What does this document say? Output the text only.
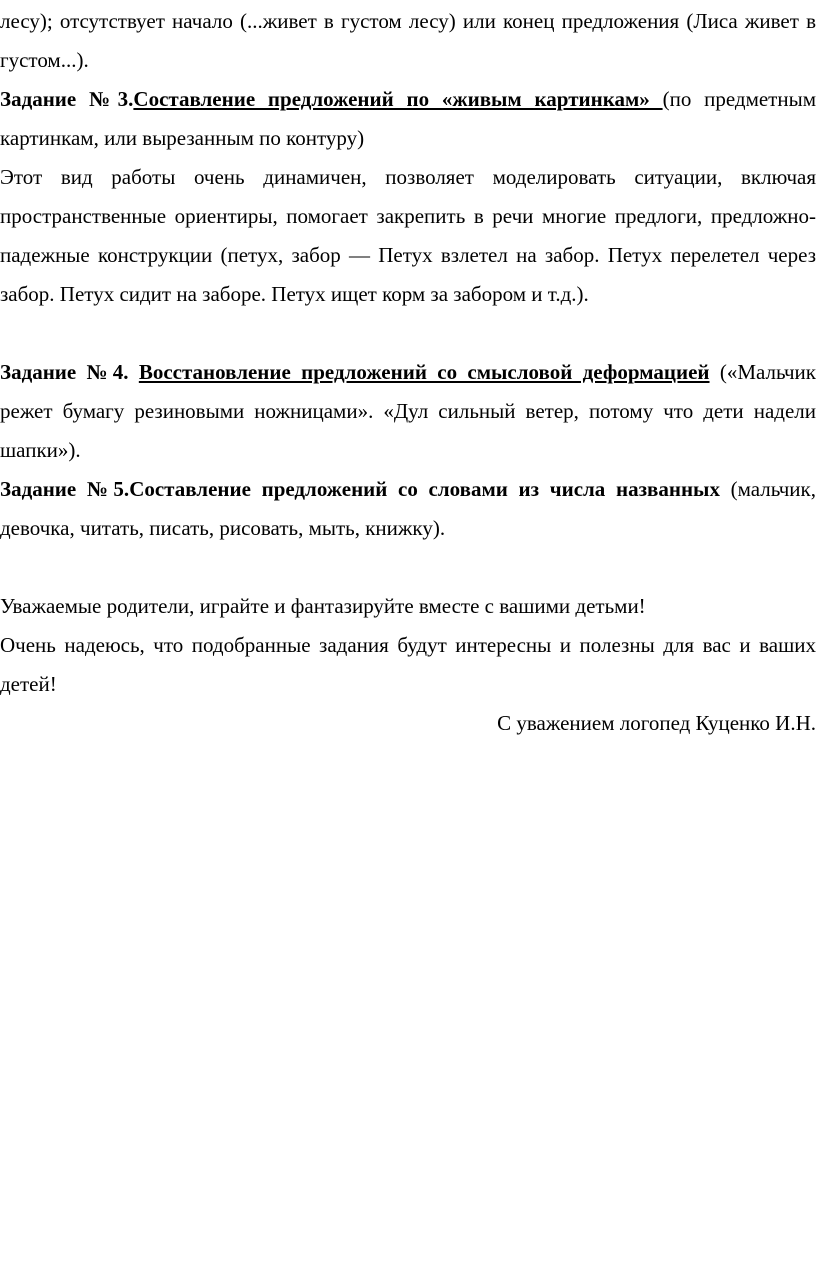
лесу); отсутствует начало (...живет в густом лесу) или конец предложения (Лиса живет в густом...).

Задание №3.Составление предложений по «живым картинкам» (по предметным картинкам, или вырезанным по контуру)

Этот вид работы очень динамичен, позволяет моделировать ситуации, включая пространственные ориентиры, помогает закрепить в речи многие предлоги, предложно-падежные конструкции (петух, забор — Петух взлетел на забор. Петух перелетел через забор. Петух сидит на заборе. Петух ищет корм за забором и т.д.).

Задание №4. Восстановление предложений со смысловой деформацией («Мальчик режет бумагу резиновыми ножницами». «Дул сильный ветер, потому что дети надели шапки»).

Задание №5.Составление предложений со словами из числа названных (мальчик, девочка, читать, писать, рисовать, мыть, книжку).

Уважаемые родители, играйте и фантазируйте вместе с вашими детьми!

Очень надеюсь, что подобранные задания будут интересны и полезны для вас и ваших детей!

С уважением логопед Куценко И.Н.
